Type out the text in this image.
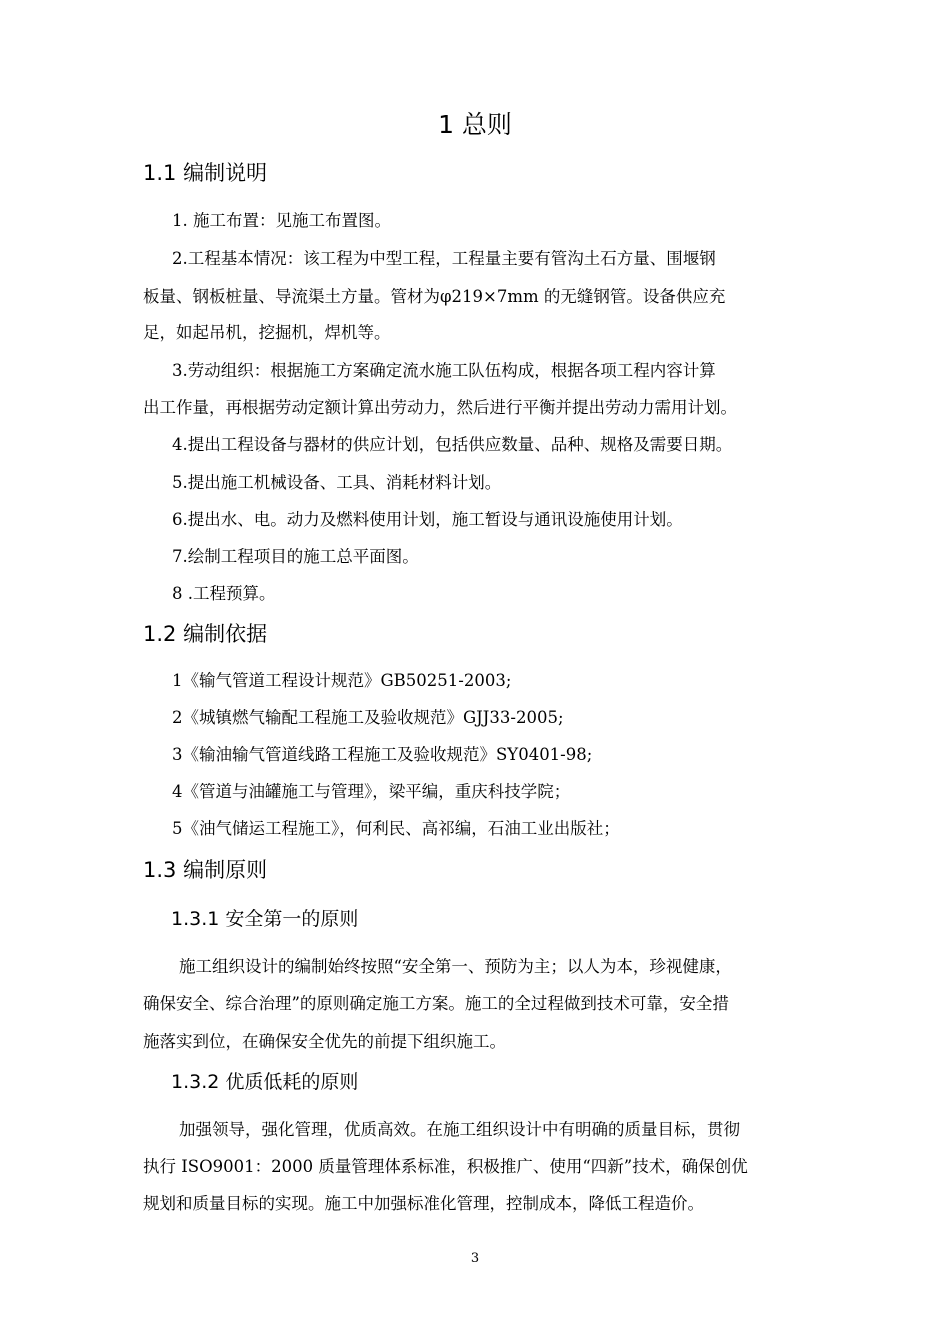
1 总则
1.1 编制说明
1. 施工布置：见施工布置图。
2.工程基本情况：该工程为中型工程，工程量主要有管沟土石方量、围堰钢
板量、钢板桩量、导流渠土方量。管材为φ219×7mm 的无缝钢管。设备供应充
足，如起吊机，挖掘机，焊机等。
3.劳动组织：根据施工方案确定流水施工队伍构成，根据各项工程内容计算
出工作量，再根据劳动定额计算出劳动力，然后进行平衡并提出劳动力需用计划。
4.提出工程设备与器材的供应计划，包括供应数量、品种、规格及需要日期。
5.提出施工机械设备、工具、消耗材料计划。
6.提出水、电。动力及燃料使用计划，施工暂设与通讯设施使用计划。
7.绘制工程项目的施工总平面图。
8 .工程预算。
1.2 编制依据
1《输气管道工程设计规范》GB50251-2003;
2《城镇燃气输配工程施工及验收规范》GJJ33-2005;
3《输油输气管道线路工程施工及验收规范》SY0401-98;
4《管道与油罐施工与管理》，梁平编，重庆科技学院；
5《油气储运工程施工》，何利民、高祁编，石油工业出版社；
1.3 编制原则
1.3.1 安全第一的原则
施工组织设计的编制始终按照“安全第一、预防为主；以人为本，珍视健康，
确保安全、综合治理”的原则确定施工方案。施工的全过程做到技术可靠，安全措
施落实到位，在确保安全优先的前提下组织施工。
1.3.2 优质低耗的原则
加强领导，强化管理，优质高效。在施工组织设计中有明确的质量目标，贯彻
执行 ISO9001：2000 质量管理体系标准，积极推广、使用“四新”技术，确保创优
规划和质量目标的实现。施工中加强标准化管理，控制成本，降低工程造价。
3
